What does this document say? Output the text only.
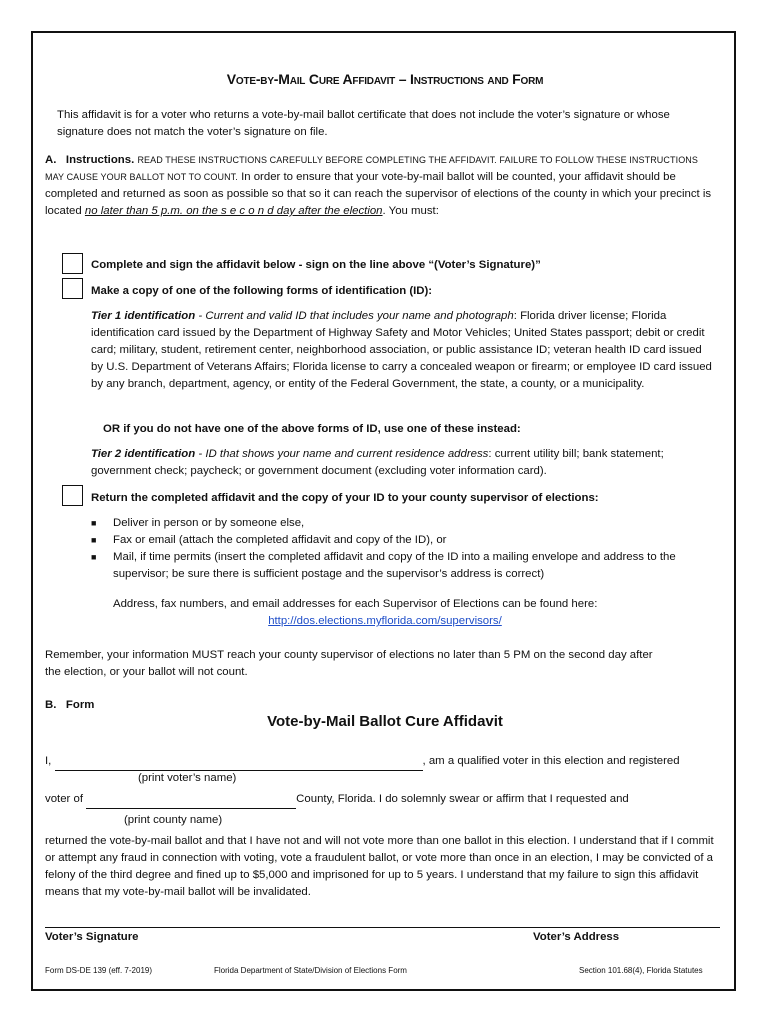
Vote-by-Mail Cure Affidavit – Instructions and Form
This affidavit is for a voter who returns a vote-by-mail ballot certificate that does not include the voter’s signature or whose signature does not match the voter’s signature on file.
A. Instructions. READ THESE INSTRUCTIONS CAREFULLY BEFORE COMPLETING THE AFFIDAVIT. FAILURE TO FOLLOW THESE INSTRUCTIONS MAY CAUSE YOUR BALLOT NOT TO COUNT. In order to ensure that your vote-by-mail ballot will be counted, your affidavit should be completed and returned as soon as possible so that so it can reach the supervisor of elections of the county in which your precinct is located no later than 5 p.m. on the s e c o n d day after the election. You must:
Complete and sign the affidavit below - sign on the line above “(Voter’s Signature)”
Make a copy of one of the following forms of identification (ID):
Tier 1 identification - Current and valid ID that includes your name and photograph: Florida driver license; Florida identification card issued by the Department of Highway Safety and Motor Vehicles; United States passport; debit or credit card; military, student, retirement center, neighborhood association, or public assistance ID; veteran health ID card issued by U.S. Department of Veterans Affairs; Florida license to carry a concealed weapon or firearm; or employee ID card issued by any branch, department, agency, or entity of the Federal Government, the state, a county, or a municipality.
OR if you do not have one of the above forms of ID, use one of these instead:
Tier 2 identification - ID that shows your name and current residence address: current utility bill; bank statement; government check; paycheck; or government document (excluding voter information card).
Return the completed affidavit and the copy of your ID to your county supervisor of elections:
■ Deliver in person or by someone else,
■ Fax or email (attach the completed affidavit and copy of the ID), or
■ Mail, if time permits (insert the completed affidavit and copy of the ID into a mailing envelope and address to the supervisor; be sure there is sufficient postage and the supervisor’s address is correct)
Address, fax numbers, and email addresses for each Supervisor of Elections can be found here:
http://dos.elections.myflorida.com/supervisors/
Remember, your information MUST reach your county supervisor of elections no later than 5 PM on the second day after the election, or your ballot will not count.
B. Form
Vote-by-Mail Ballot Cure Affidavit
I,	, am a qualified voter in this election and registered
(print voter’s name)
voter of	County, Florida. I do solemnly swear or affirm that I requested and
(print county name)
returned the vote-by-mail ballot and that I have not and will not vote more than one ballot in this election. I understand that if I commit or attempt any fraud in connection with voting, vote a fraudulent ballot, or vote more than once in an election, I may be convicted of a felony of the third degree and fined up to $5,000 and imprisoned for up to 5 years. I understand that my failure to sign this affidavit means that my vote-by-mail ballot will be invalidated.
Voter’s Signature	Voter’s Address
Form DS-DE 139 (eff. 7-2019)	Florida Department of State/Division of Elections Form	Section 101.68(4), Florida Statutes
